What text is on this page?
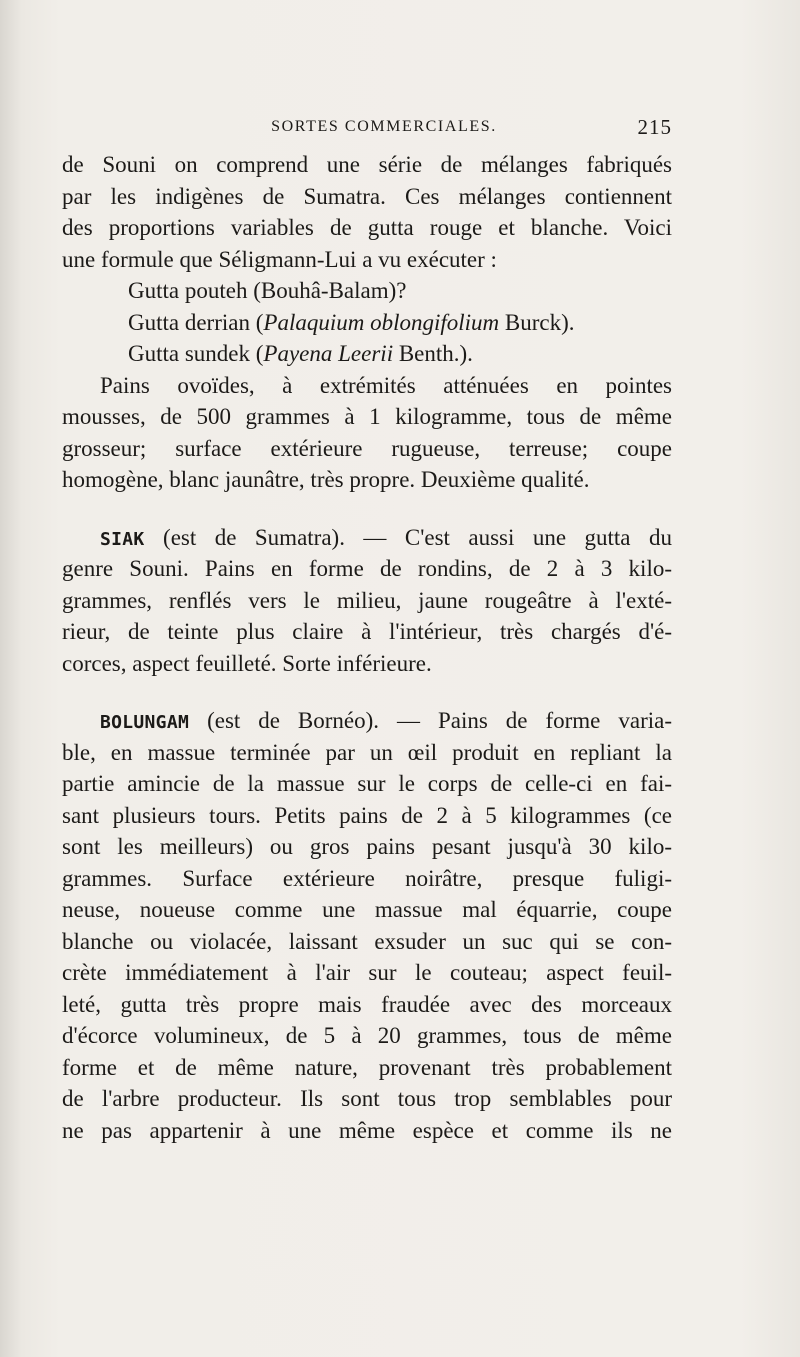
SORTES COMMERCIALES.	215
de Souni on comprend une série de mélanges fabriqués
par les indigènes de Sumatra. Ces mélanges contiennent
des proportions variables de gutta rouge et blanche. Voici
une formule que Séligmann-Lui a vu exécuter :
Gutta pouteh (Bouhâ-Balam)?
Gutta derrian (Palaquium oblongifolium Burck).
Gutta sundek (Payena Leerii Benth.).
Pains ovoïdes, à extrémités atténuées en pointes
mousses, de 500 grammes à 1 kilogramme, tous de même
grosseur; surface extérieure rugueuse, terreuse; coupe
homogène, blanc jaunâtre, très propre. Deuxième qualité.
SIAK (est de Sumatra). — C'est aussi une gutta du
genre Souni. Pains en forme de rondins, de 2 à 3 kilo-
grammes, renflés vers le milieu, jaune rougeâtre à l'exté-
rieur, de teinte plus claire à l'intérieur, très chargés d'é-
corces, aspect feuilleté. Sorte inférieure.
BOLUNGAM (est de Bornéo). — Pains de forme varia-
ble, en massue terminée par un œil produit en repliant la
partie amincie de la massue sur le corps de celle-ci en fai-
sant plusieurs tours. Petits pains de 2 à 5 kilogrammes (ce
sont les meilleurs) ou gros pains pesant jusqu'à 30 kilo-
grammes. Surface extérieure noirâtre, presque fuligi-
neuse, noueuse comme une massue mal équarrie, coupe
blanche ou violacée, laissant exsuder un suc qui se con-
crète immédiatement à l'air sur le couteau; aspect feuil-
leté, gutta très propre mais fraudée avec des morceaux
d'écorce volumineux, de 5 à 20 grammes, tous de même
forme et de même nature, provenant très probablement
de l'arbre producteur. Ils sont tous trop semblables pour
ne pas appartenir à une même espèce et comme ils ne
